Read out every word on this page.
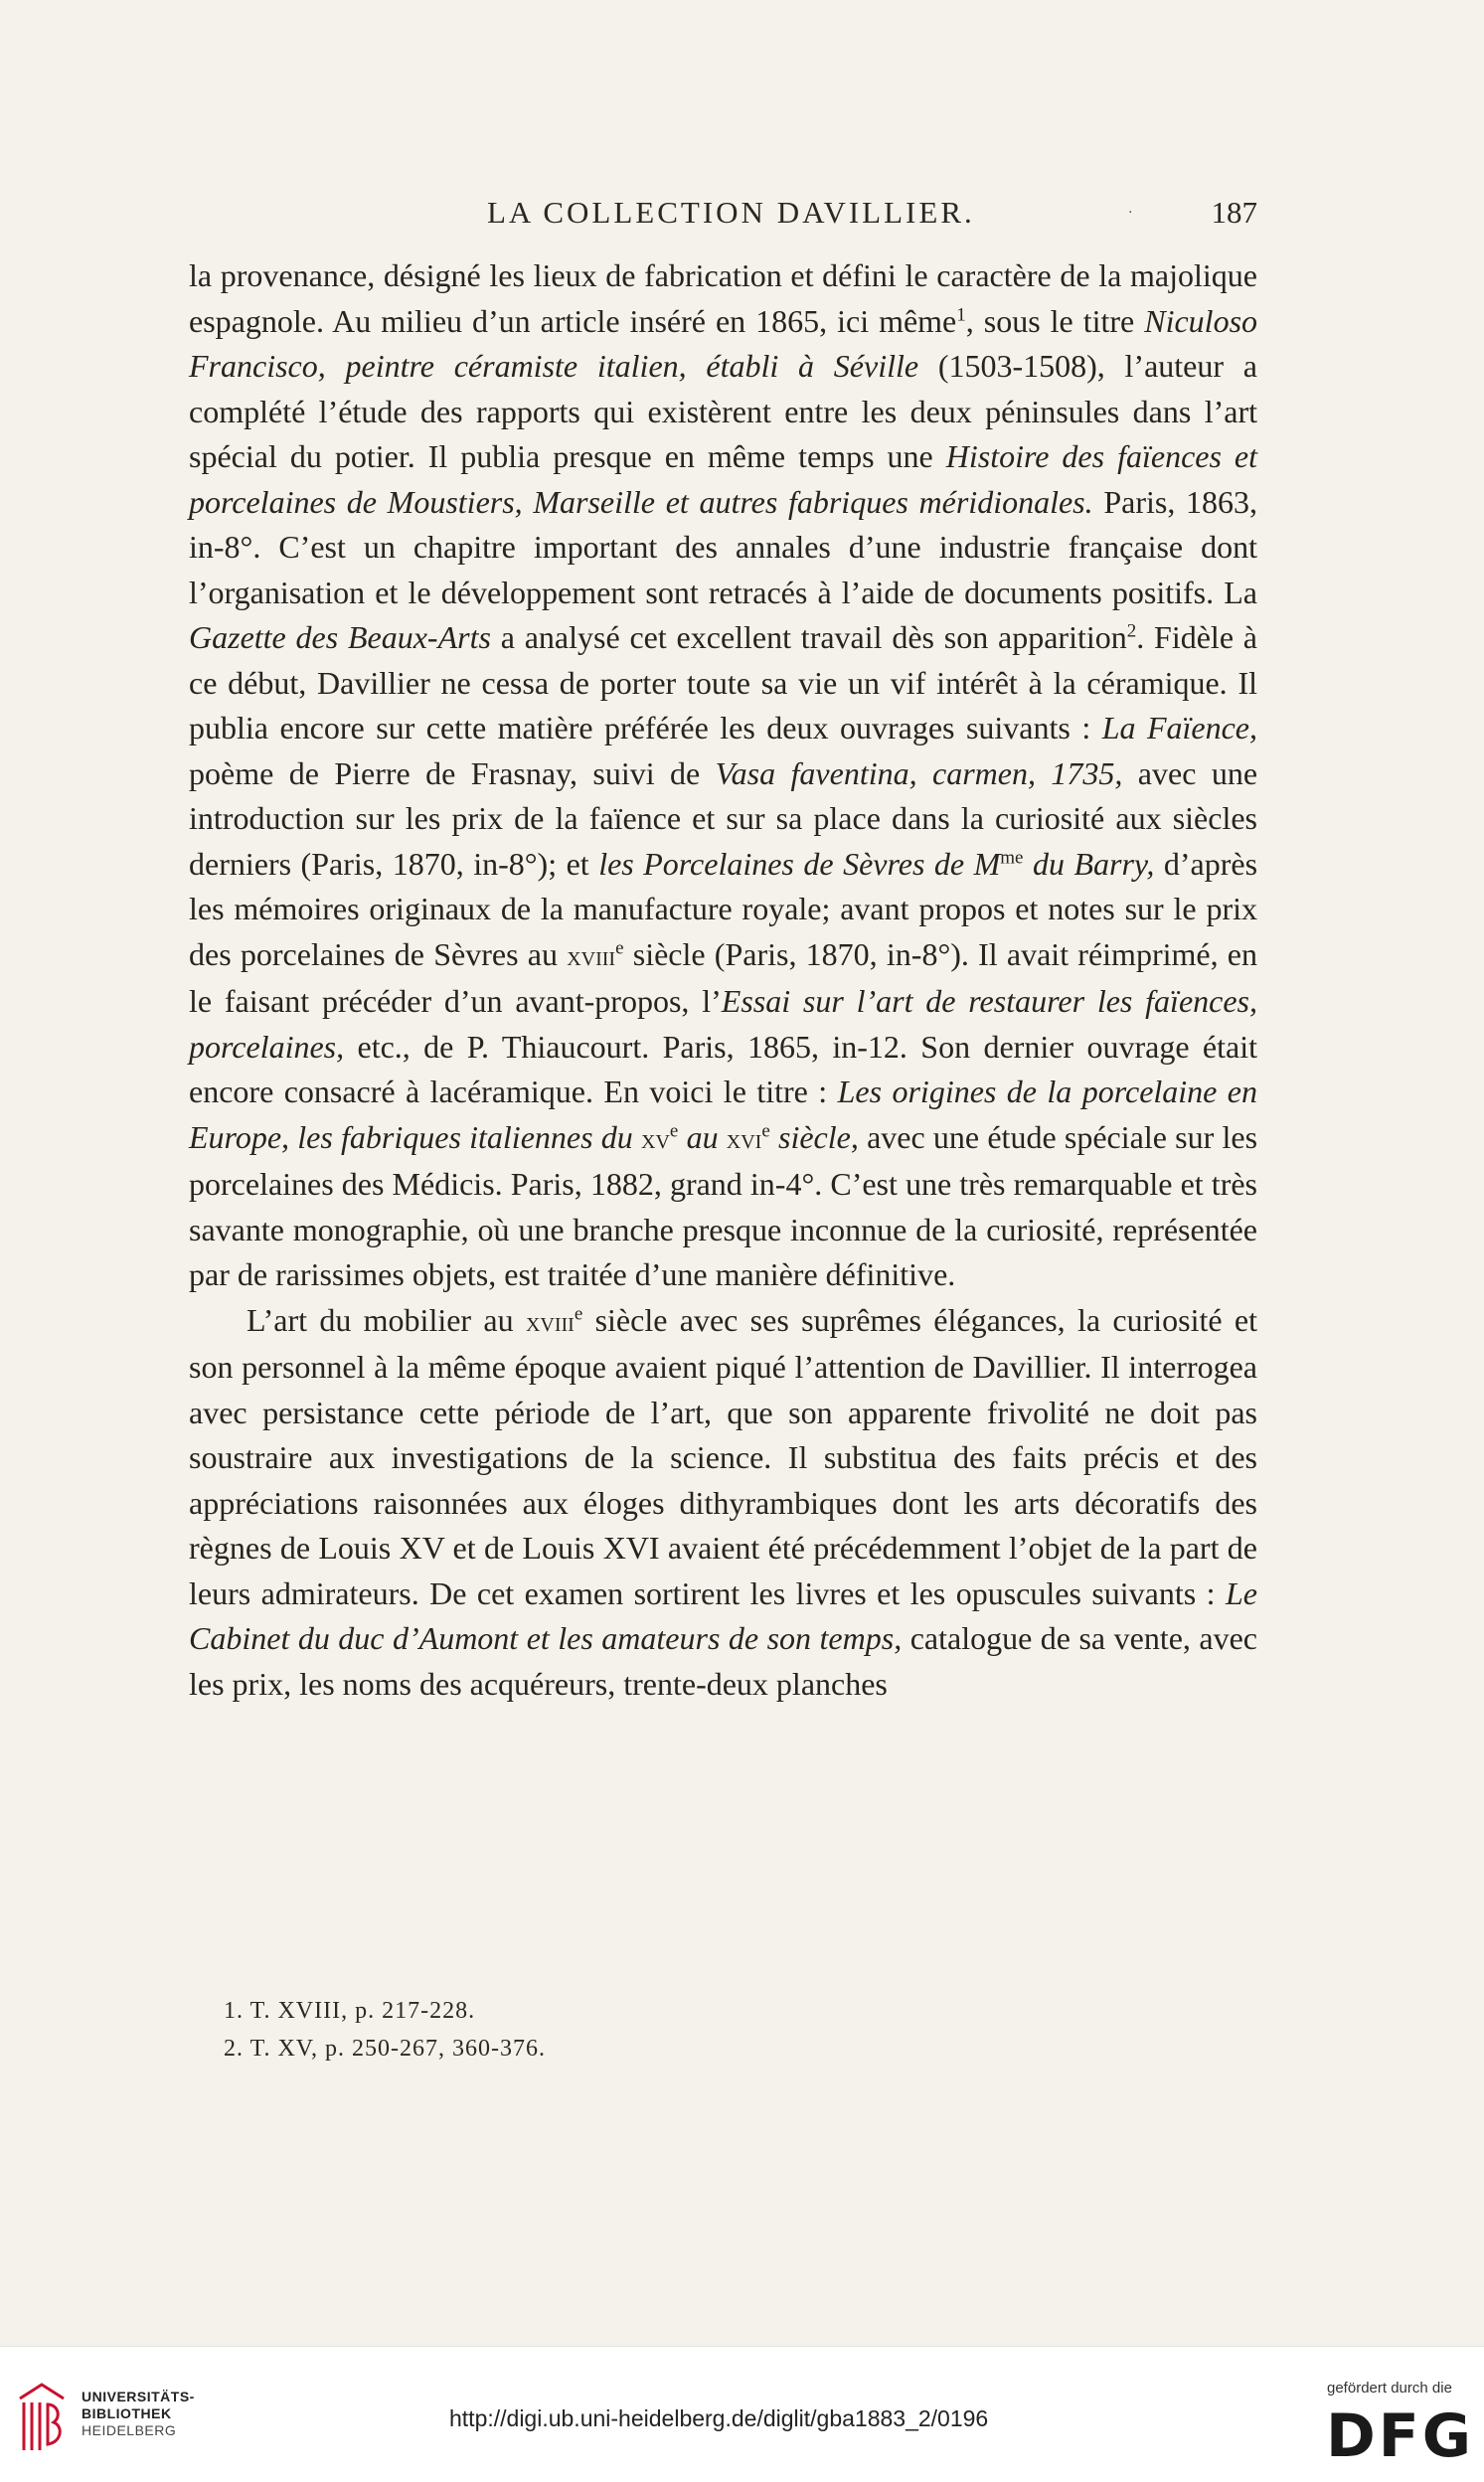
LA COLLECTION DAVILLIER.	·	187

la provenance, désigné les lieux de fabrication et défini le caractère de la majolique espagnole. Au milieu d’un article inséré en 1865, ici même$^1$, sous le titre Niculoso Francisco, peintre céramiste italien, établi à Séville (1503-1508), l’auteur a complété l’étude des rapports qui existèrent entre les deux péninsules dans l’art spécial du potier. Il publia presque en même temps une Histoire des faïences et porcelaines de Moustiers, Marseille et autres fabriques méridionales. Paris, 1863, in-8°. C’est un chapitre important des annales d’une industrie française dont l’organisation et le développement sont retracés à l’aide de documents positifs. La Gazette des Beaux-Arts a analysé cet excellent travail dès son apparition$^2$. Fidèle à ce début, Davillier ne cessa de porter toute sa vie un vif intérêt à la céramique. Il publia encore sur cette matière préférée les deux ouvrages suivants : La Faïence, poème de Pierre de Frasnay, suivi de Vasa faventina, carmen, 1735, avec une introduction sur les prix de la faïence et sur sa place dans la curiosité aux siècles derniers (Paris, 1870, in-8°); et les Porcelaines de Sèvres de $M^{me}$ du Barry, d’après les mémoires originaux de la manufacture royale; avant propos et notes sur le prix des porcelaines de Sèvres au xviii$^e$ siècle (Paris, 1870, in-8°). Il avait réimprimé, en le faisant précéder d’un avant-propos, l’Essai sur l’art de restaurer les faïences, porcelaines, etc., de P. Thiaucourt. Paris, 1865, in-12. Son dernier ouvrage était encore consacré à lacéramique. En voici le titre : Les origines de la porcelaine en Europe, les fabriques italiennes du $xv^e$ au xvi$^e$ siècle, avec une étude spéciale sur les porcelaines des Médicis. Paris, 1882, grand in-4°. C’est une très remarquable et très savante monographie, où une branche presque inconnue de la curiosité, représentée par de rarissimes objets, est traitée d’une manière définitive.

L’art du mobilier au xviii$^e$ siècle avec ses suprêmes élégances, la curiosité et son personnel à la même époque avaient piqué l’attention de Davillier. Il interrogea avec persistance cette période de l’art, que son apparente frivolité ne doit pas soustraire aux investigations de la science. Il substitua des faits précis et des appréciations raisonnées aux éloges dithyrambiques dont les arts décoratifs des règnes de Louis XV et de Louis XVI avaient été précédemment l’objet de la part de leurs admirateurs. De cet examen sortirent les livres et les opuscules suivants : Le Cabinet du duc d’Aumont et les amateurs de son temps, catalogue de sa vente, avec les prix, les noms des acquéreurs, trente-deux planches

1. T. XVIII, p. 217-228.
2. T. XV, p. 250-267, 360-376.
UNIVERSITÄTS-
BIBLIOTHEK
HEIDELBERG	http://digi.ub.uni-heidelberg.de/diglit/gba1883_2/0196
gefördert durch die
DFG
